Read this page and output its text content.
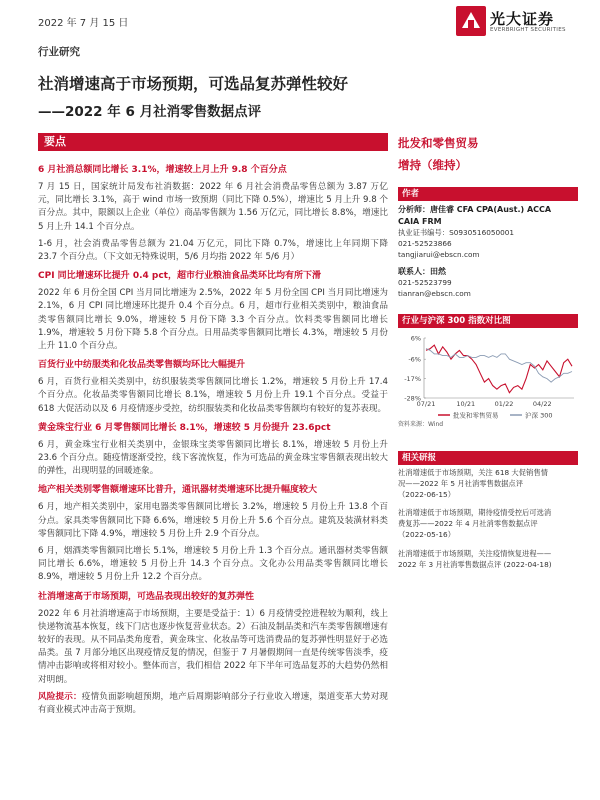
2022 年 7 月 15 日	光大证券
EVERBRIGHT SECURITIES
行业研究
社消增速高于市场预期，可选品复苏弹性较好
——2022 年 6 月社消零售数据点评
要点
6 月社消总额同比增长 3.1%，增速较上月上升 9.8 个百分点
7 月 15 日，国家统计局发布社消数据：2022 年 6 月社会消费品零售总额为 3.87 万亿元，同比增长 3.1%，高于 wind 市场一致预期（同比下降 0.5%），增速比 5 月上升 9.8 个百分点。其中，限额以上企业（单位）商品零售额为 1.56 万亿元，同比增长 8.8%，增速比 5 月上升 14.1 个百分点。
1-6 月，社会消费品零售总额为 21.04 万亿元，同比下降 0.7%，增速比上年同期下降 23.7 个百分点。（下文如无特殊说明，5/6 月均指 2022 年 5/6 月）
CPI 同比增速环比提升 0.4 pct，超市行业粮油食品类环比均有所下滑
2022 年 6 月份全国 CPI 当月同比增速为 2.5%，2022 年 5 月份全国 CPI 当月同比增速为 2.1%，6 月 CPI 同比增速环比提升 0.4 个百分点。6 月，超市行业相关类别中，粮油食品类零售额同比增长 9.0%，增速较 5 月份下降 3.3 个百分点。饮料类零售额同比增长 1.9%，增速较 5 月份下降 5.8 个百分点。日用品类零售额同比增长 4.3%，增速较 5 月份上升 11.0 个百分点。
百货行业中纺服类和化妆品类零售额均环比大幅提升
6 月，百货行业相关类别中，纺织服装类零售额同比增长 1.2%，增速较 5 月份上升 17.4 个百分点。化妆品类零售额同比增长 8.1%，增速较 5 月份上升 19.1 个百分点。受益于 618 大促活动以及 6 月疫情逐步受控，纺织服装类和化妆品类零售额均有较好的复苏表现。
黄金珠宝行业 6 月零售额同比增长 8.1%，增速较 5 月份提升 23.6pct
6 月，黄金珠宝行业相关类别中，金银珠宝类零售额同比增长 8.1%，增速较 5 月份上升 23.6 个百分点。随疫情逐渐受控，线下客流恢复，作为可选品的黄金珠宝零售额表现出较大的弹性，出现明显的回暖迹象。
地产相关类别零售额增速环比普升，通讯器材类增速环比提升幅度较大
6 月，地产相关类别中，家用电器类零售额同比增长 3.2%，增速较 5 月份上升 13.8 个百分点。家具类零售额同比下降 6.6%，增速较 5 月份上升 5.6 个百分点。建筑及装潢材料类零售额同比下降 4.9%，增速较 5 月份上升 2.9 个百分点。
6 月，烟酒类零售额同比增长 5.1%，增速较 5 月份上升 1.3 个百分点。通讯器材类零售额同比增长 6.6%，增速较 5 月份上升 14.3 个百分点。文化办公用品类零售额同比增长 8.9%，增速较 5 月份上升 12.2 个百分点。
社消增速高于市场预期，可选品表现出较好的复苏弹性
2022 年 6 月社消增速高于市场预期，主要是受益于：1）6 月疫情受控进程较为顺利，线上快递物流基本恢复，线下门店也逐步恢复营业状态。2）石油及制品类和汽车类零售额增速有较好的表现。从不同品类角度看，黄金珠宝、化妆品等可选消费品的复苏弹性明显好于必选品类。虽 7 月部分地区出现疫情反复的情况，但鉴于 7 月暑假期间一直是传统零售淡季，疫情冲击影响或将相对较小。整体而言，我们相信 2022 年下半年可选品复苏的大趋势仍然相对明朗。
风险提示：疫情负面影响超预期，地产后周期影响部分子行业收入增速，渠道变革大势对现有商业模式冲击高于预期。
批发和零售贸易
增持（维持）
作者
分析师：唐佳睿 CFA CPA(Aust.) ACCA
CAIA FRM
执业证书编号：S0930516050001
021-52523866
tangjiarui@ebscn.com
联系人：田然
021-52523799
tianran@ebscn.com
行业与沪深 300 指数对比图
6%
-6%
-17%
-28%
07/21	10/21	01/22	04/22
批发和零售贸易	沪深 300
资料来源：Wind
相关研报
社消增速低于市场预期，关注 618 大促销售情
况——2022 年 5 月社消零售数据点评
（2022-06-15）
社消增速低于市场预期，期待疫情受控后可选消
费复苏——2022 年 4 月社消零售数据点评
（2022-05-16）
社消增速低于市场预期，关注疫情恢复进程——
2022 年 3 月社消零售数据点评 (2022-04-18)
